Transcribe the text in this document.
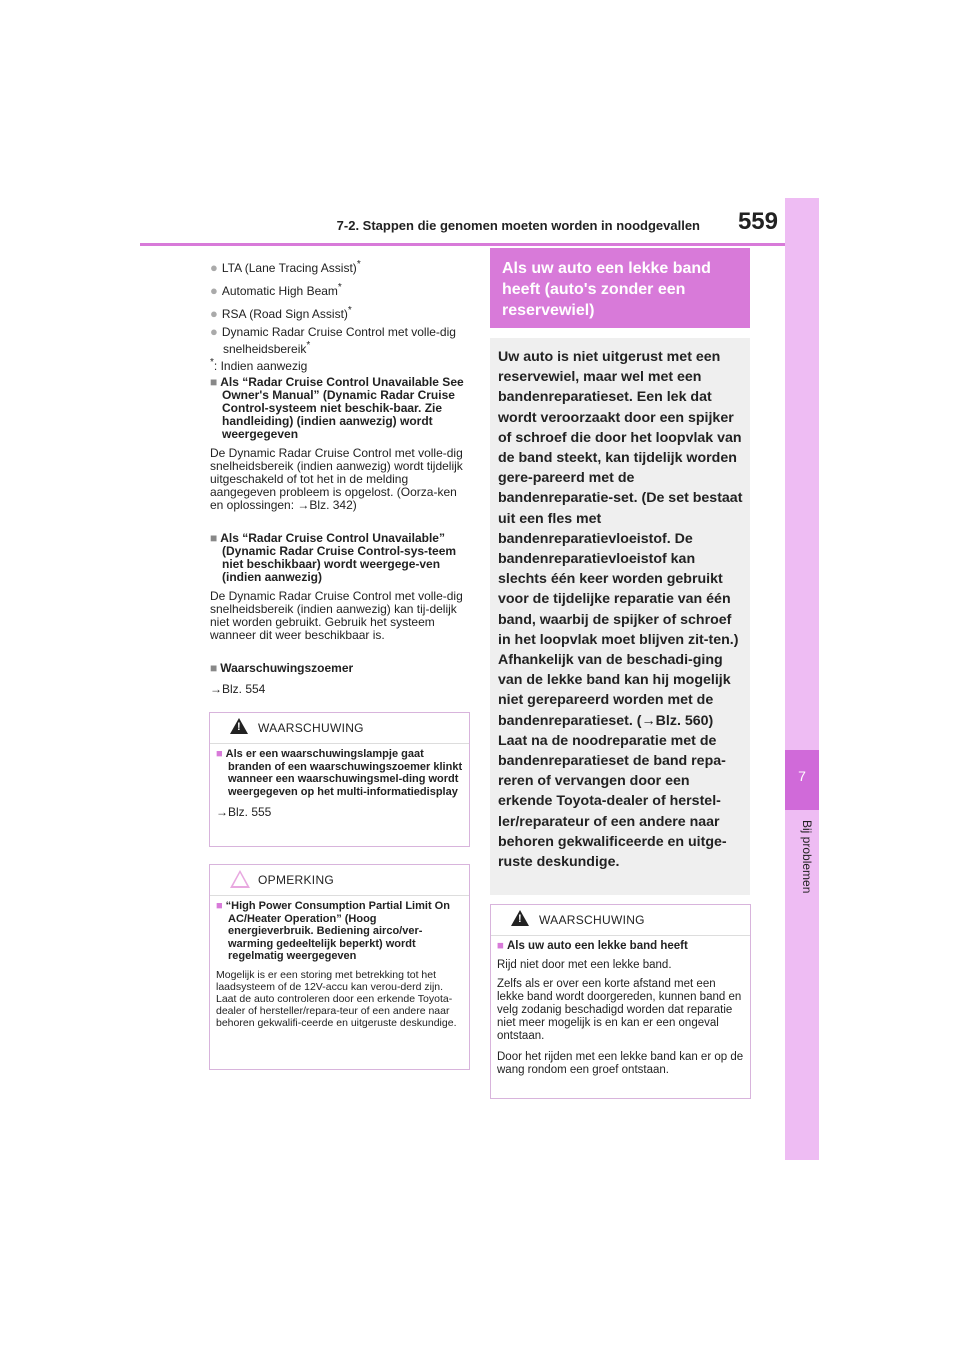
7-2. Stappen die genomen moeten worden in noodgevallen	559
7
Bij problemen
● LTA (Lane Tracing Assist)*
● Automatic High Beam*
● RSA (Road Sign Assist)*
● Dynamic Radar Cruise Control met volle-dig snelheidsbereik*
*: Indien aanwezig
■ Als “Radar Cruise Control Unavailable See Owner's Manual” (Dynamic Radar Cruise Control-systeem niet beschik-baar. Zie handleiding) (indien aanwezig) wordt weergegeven
De Dynamic Radar Cruise Control met volle-dig snelheidsbereik (indien aanwezig) wordt tijdelijk uitgeschakeld of tot het in de melding aangegeven probleem is opgelost. (Oorza-ken en oplossingen: →Blz. 342)
■ Als “Radar Cruise Control Unavailable” (Dynamic Radar Cruise Control-sys-teem niet beschikbaar) wordt weergege-ven (indien aanwezig)
De Dynamic Radar Cruise Control met volle-dig snelheidsbereik (indien aanwezig) kan tij-delijk niet worden gebruikt. Gebruik het systeem wanneer dit weer beschikbaar is.
■ Waarschuwingszoemer
→Blz. 554
!
WAARSCHUWING
■ Als er een waarschuwingslampje gaat branden of een waarschuwingszoemer klinkt wanneer een waarschuwingsmel-ding wordt weergegeven op het multi-informatiedisplay
→Blz. 555
OPMERKING
■ “High Power Consumption Partial Limit On AC/Heater Operation” (Hoog energieverbruik. Bediening airco/ver-warming gedeeltelijk beperkt) wordt regelmatig weergegeven
Mogelijk is er een storing met betrekking tot het laadsysteem of de 12V-accu kan verou-derd zijn. Laat de auto controleren door een erkende Toyota-dealer of hersteller/repara-teur of een andere naar behoren gekwalifi-ceerde en uitgeruste deskundige.
Als uw auto een lekke band heeft (auto's zonder een reservewiel)
Uw auto is niet uitgerust met een reservewiel, maar wel met een bandenreparatieset. Een lek dat wordt veroorzaakt door een spijker of schroef die door het loopvlak van de band steekt, kan tijdelijk worden gere-pareerd met de bandenreparatie-set. (De set bestaat uit een fles met bandenreparatievloeistof. De bandenreparatievloeistof kan slechts één keer worden gebruikt voor de tijdelijke reparatie van één band, waarbij de spijker of schroef in het loopvlak moet blijven zit-ten.) Afhankelijk van de beschadi-ging van de lekke band kan hij mogelijk niet gerepareerd worden met de bandenreparatieset. (→Blz. 560) Laat na de noodreparatie met de bandenreparatieset de band repa-reren of vervangen door een erkende Toyota-dealer of herstel-ler/reparateur of een andere naar behoren gekwalificeerde en uitge-ruste deskundige.
!
WAARSCHUWING
■ Als uw auto een lekke band heeft
Rijd niet door met een lekke band.
Zelfs als er over een korte afstand met een lekke band wordt doorgereden, kunnen band en velg zodanig beschadigd worden dat reparatie niet meer mogelijk is en kan er een ongeval ontstaan.
Door het rijden met een lekke band kan er op de wang rondom een groef ontstaan.
